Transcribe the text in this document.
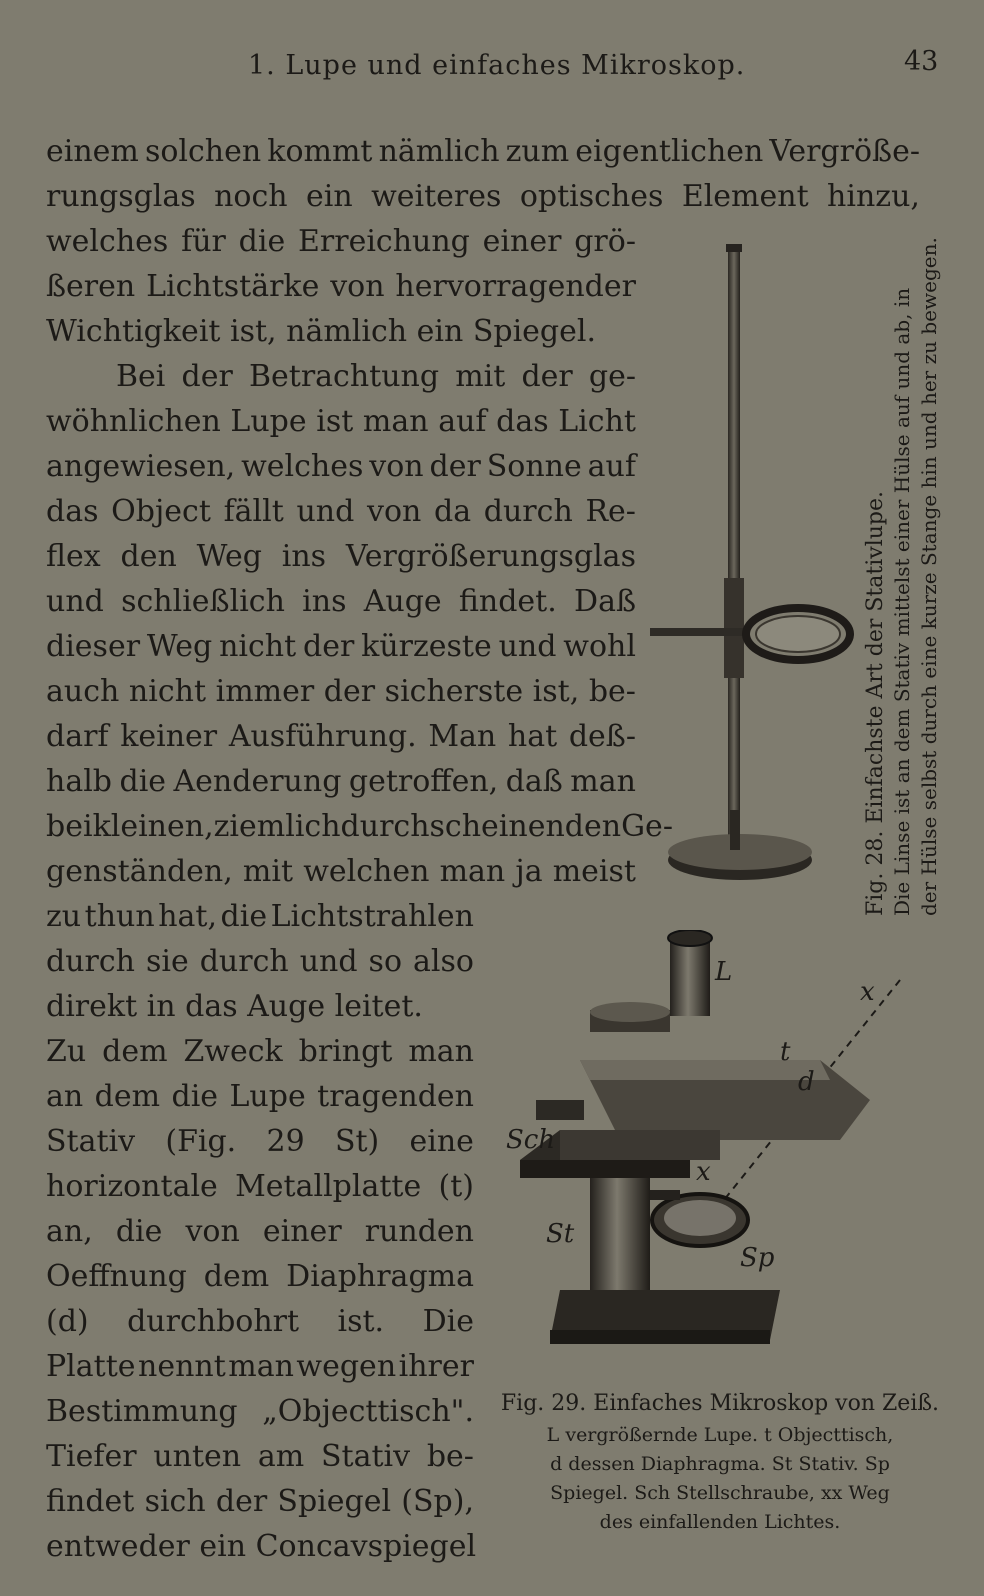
1. Lupe und einfaches Mikroskop.	43
einem solchen kommt nämlich zum eigentlichen Vergröße-
rungsglas noch ein weiteres optisches Element hinzu,
welches für die Erreichung einer grö-
ßeren Lichtstärke von hervorragender
Wichtigkeit ist, nämlich ein Spiegel.
Bei der Betrachtung mit der ge-
wöhnlichen Lupe ist man auf das Licht
angewiesen, welches von der Sonne auf
das Object fällt und von da durch Re-
flex den Weg ins Vergrößerungsglas
und schließlich ins Auge findet. Daß
dieser Weg nicht der kürzeste und wohl
auch nicht immer der sicherste ist, be-
darf keiner Ausführung. Man hat deß-
halb die Aenderung getroffen, daß man
bei kleinen, ziemlich durchscheinenden Ge-
genständen, mit welchen man ja meist
zu thun hat, die Lichtstrahlen
durch sie durch und so also
direkt in das Auge leitet.
Zu dem Zweck bringt man
an dem die Lupe tragenden
Stativ (Fig. 29 St) eine
horizontale Metallplatte (t)
an, die von einer runden
Oeffnung dem Diaphragma
(d) durchbohrt ist. Die
Platte nennt man wegen ihrer
Bestimmung „Objecttisch".
Tiefer unten am Stativ be-
findet sich der Spiegel (Sp),
entweder ein Concavspiegel
Fig. 28. Einfachste Art der Stativlupe. Die Linse ist an dem Stativ mittelst einer Hülse auf und ab, in der Hülse selbst durch eine kurze Stange hin und her zu bewegen.
L
x
t
d
Sch
x
St
Sp
Fig. 29. Einfaches Mikroskop von Zeiß.
L vergrößernde Lupe. t Objecttisch,
d dessen Diaphragma. St Stativ. Sp
Spiegel. Sch Stellschraube, xx Weg
des einfallenden Lichtes.
